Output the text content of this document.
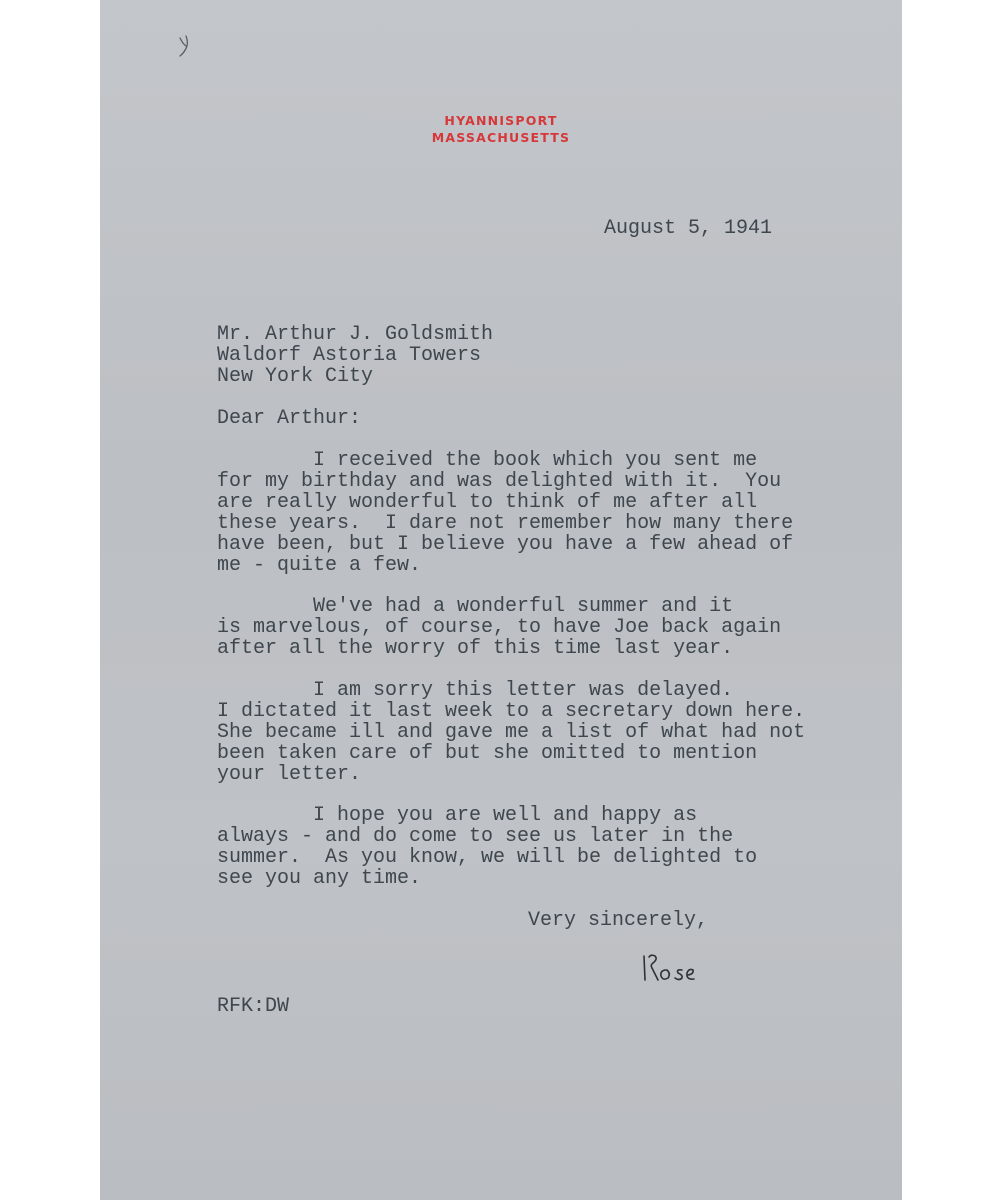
HYANNISPORT
MASSACHUSETTS
August 5, 1941
Mr. Arthur J. Goldsmith
Waldorf Astoria Towers
New York City
Dear Arthur:
I received the book which you sent me
for my birthday and was delighted with it.  You
are really wonderful to think of me after all
these years.  I dare not remember how many there
have been, but I believe you have a few ahead of
me - quite a few.
We've had a wonderful summer and it
is marvelous, of course, to have Joe back again
after all the worry of this time last year.
I am sorry this letter was delayed.
I dictated it last week to a secretary down here.
She became ill and gave me a list of what had not
been taken care of but she omitted to mention
your letter.
I hope you are well and happy as
always - and do come to see us later in the
summer.  As you know, we will be delighted to
see you any time.
Very sincerely,
RFK:DW
